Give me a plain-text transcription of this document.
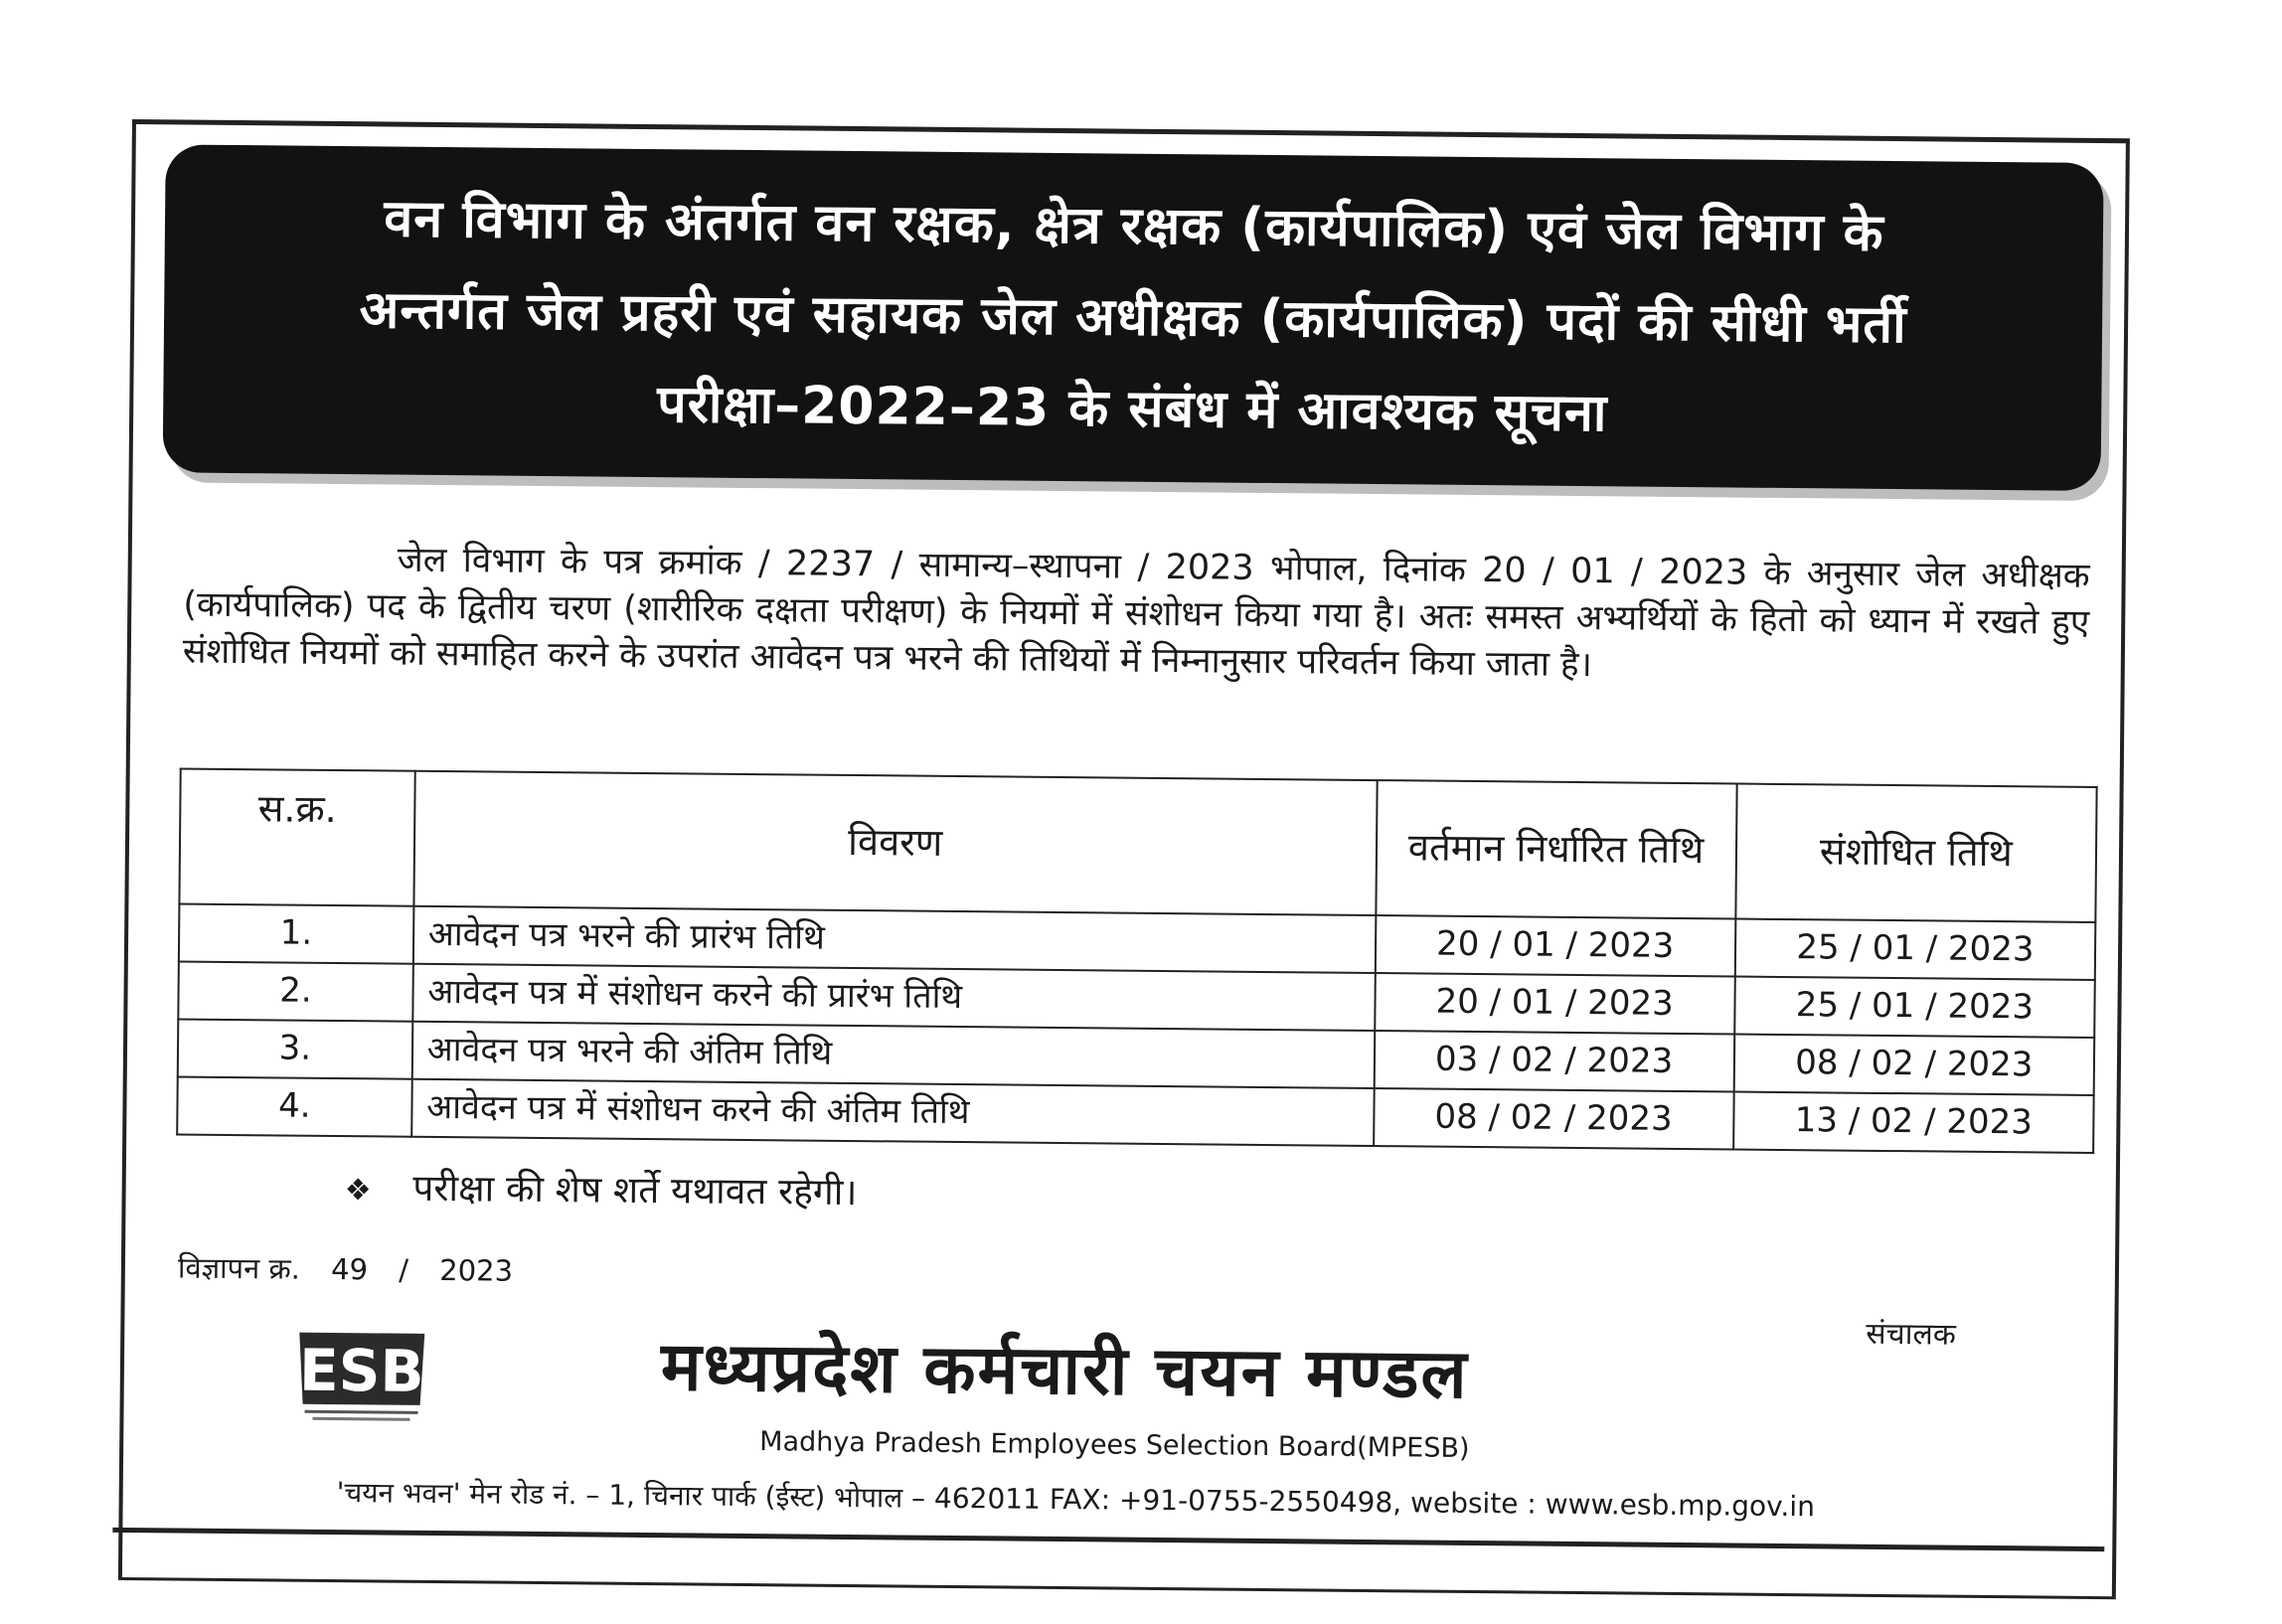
वन विभाग के अंतर्गत वन रक्षक, क्षेत्र रक्षक (कार्यपालिक) एवं जेल विभाग के
अन्तर्गत जेल प्रहरी एवं सहायक जेल अधीक्षक (कार्यपालिक) पदों की सीधी भर्ती
परीक्षा–2022–23 के संबंध में आवश्यक सूचना

जेल विभाग के पत्र क्रमांक / 2237 / सामान्य–स्थापना / 2023 भोपाल, दिनांक 20 / 01 / 2023 के अनुसार जेल अधीक्षक (कार्यपालिक) पद के द्वितीय चरण (शारीरिक दक्षता परीक्षण) के नियमों में संशोधन किया गया है। अतः समस्त अभ्यर्थियों के हितो को ध्यान में रखते हुए संशोधित नियमों को समाहित करने के उपरांत आवेदन पत्र भरने की तिथियों में निम्नानुसार परिवर्तन किया जाता है।

स.क्र.	विवरण	वर्तमान निर्धारित तिथि	संशोधित तिथि
1.	आवेदन पत्र भरने की प्रारंभ तिथि	20 / 01 / 2023	25 / 01 / 2023
2.	आवेदन पत्र में संशोधन करने की प्रारंभ तिथि	20 / 01 / 2023	25 / 01 / 2023
3.	आवेदन पत्र भरने की अंतिम तिथि	03 / 02 / 2023	08 / 02 / 2023
4.	आवेदन पत्र में संशोधन करने की अंतिम तिथि	08 / 02 / 2023	13 / 02 / 2023
❖ परीक्षा की शेष शर्ते यथावत रहेगी।
विज्ञापन क्र. 49 / 2023
संचालक
ESB	मध्यप्रदेश कर्मचारी चयन मण्डल
Madhya Pradesh Employees Selection Board(MPESB)
'चयन भवन' मेन रोड नं. – 1, चिनार पार्क (ईस्ट) भोपाल – 462011 FAX: +91-0755-2550498, website : www.esb.mp.gov.in
